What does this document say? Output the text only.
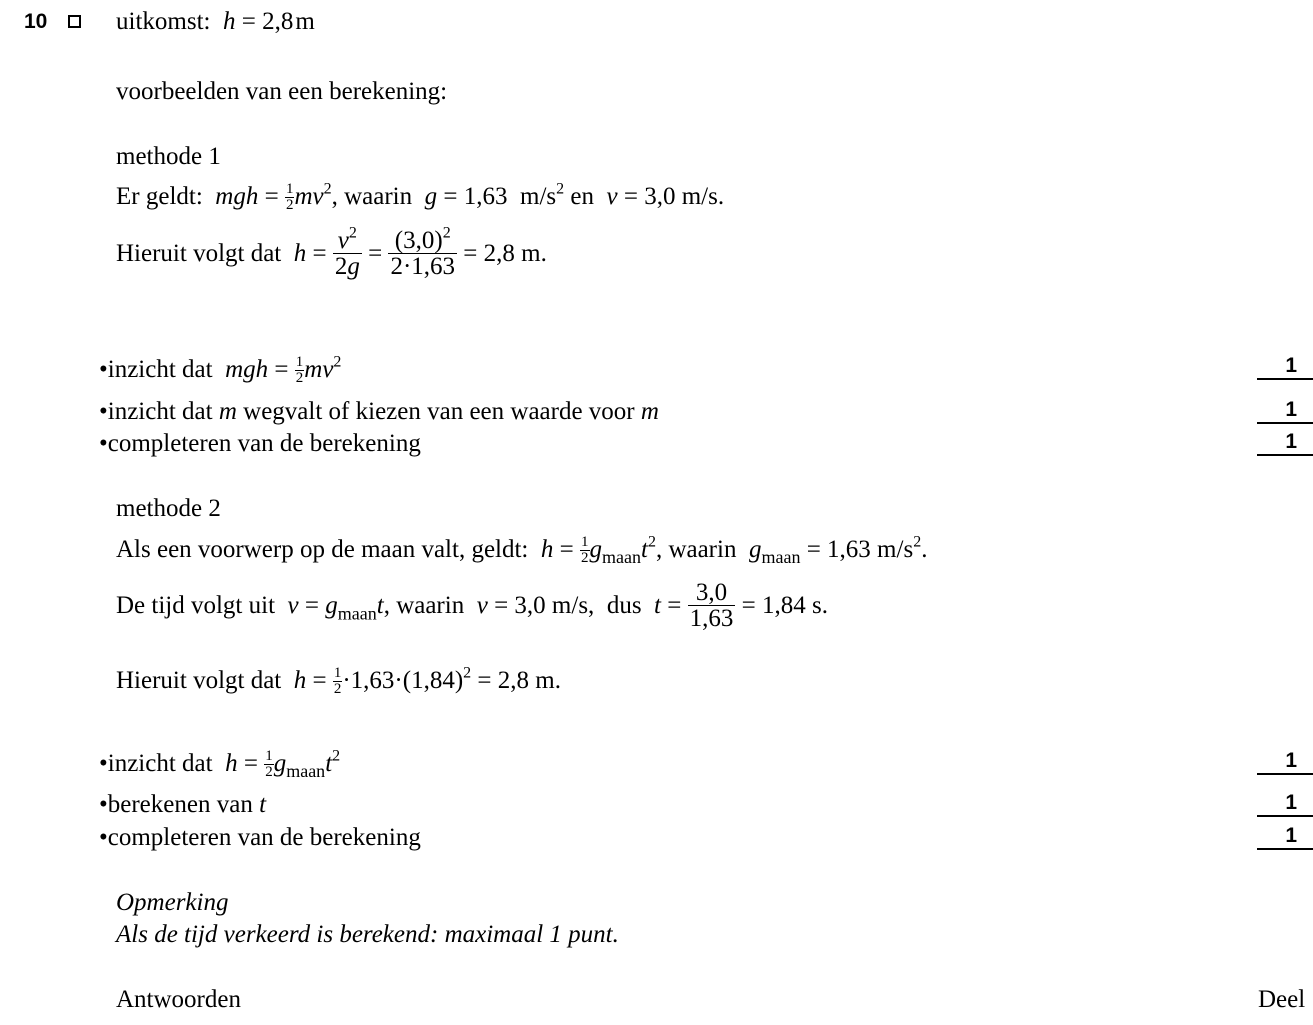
10	uitkomst: h = 2,8 m
voorbeelden van een berekening:
methode 1
Er geldt: mgh = $\frac{1}{2} mv^2$, waarin g = 1,63 $m/s^2$ en v = 3,0 m/s.
Hieruit volgt dat $h = \frac{v^2}{2g} = \frac{(3,0)^2}{2\cdot 1,63} = 2,8$ m.
•inzicht dat mgh = $\frac{1}{2} mv^2$	1
•inzicht dat m wegvalt of kiezen van een waarde voor m	1
•completeren van de berekening	1
methode 2
Als een voorwerp op de maan valt, geldt: $h = \frac{1}{2} g_{maan}t^2$, waarin $g_{maan} = 1,63$ $m/s^2$.
De tijd volgt uit $v = g_{maan}t$, waarin v = 3,0 m/s, dus $t = \frac{3,0}{1,63} = 1,84$ s.
Hieruit volgt dat $h = \frac{1}{2} \cdot 1,63\cdot(1,84)^2 = 2,8$ m.
•inzicht dat $h = \frac{1}{2} g_{maan}t^2$	1
•berekenen van t	1
•completeren van de berekening	1
Opmerking
Als de tijd verkeerd is berekend: maximaal 1 punt.
Antwoorden	Deel
